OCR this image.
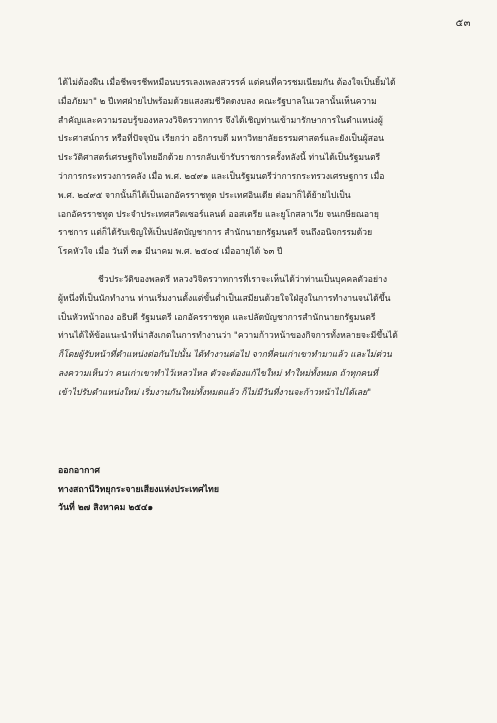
๕๓
ได้ไม่ต้องฝืน เมื่อชีพจรชีพหมือนบรรเลงเพลงสวรรค์ แต่คนที่ควรชมเนียมกัน ต้องใจเป็นยิ้มได้
เมื่อภัยมา" ๒ ปีเทศฝ่ายไปพร้อมด้วยแสงสมชีวิตดงบลง คณะรัฐบาลในเวลานั้นเห็นความ
สำคัญและความรอบรู้ของหลวงวิจิตรวาทการ จึงได้เชิญท่านเข้ามารักษาการในตำแหน่งผู้
ประศาสน์การ หรือที่ปัจจุบัน เรียกว่า อธิการบดี มหาวิทยาลัยธรรมศาสตร์และยังเป็นผู้สอน
ประวัติศาสตร์เศรษฐกิจไทยอีกด้วย การกลับเข้ารับราชการครั้งหลังนี้ ท่านได้เป็นรัฐมนตรี
ว่าการกระทรวงการคลัง เมื่อ พ.ศ. ๒๔๙๑ และเป็นรัฐมนตรีว่าการกระทรวงเศรษฐการ เมื่อ
พ.ศ. ๒๔๙๕ จากนั้นก็ได้เป็นเอกอัครราชทูต ประเทศอินเดีย ต่อมาก็ได้ย้ายไปเป็น
เอกอัครราชทูต ประจำประเทศสวิตเซอร์แลนด์ ออสเตรีย และยูโกสลาเวีย จนเกษียณอายุ
ราชการ แต่ก็ได้รับเชิญให้เป็นปลัดบัญชาการ สำนักนายกรัฐมนตรี จนถึงอนิจกรรมด้วย
โรคหัวใจ เมื่อ วันที่ ๓๑ มีนาคม พ.ศ. ๒๕๐๔ เมื่ออายุได้ ๖๓ ปี
ชีวประวัติของพลตรี หลวงวิจิตรวาทการที่เราจะเห็นได้ว่าท่านเป็นบุคคลตัวอย่าง
ผู้หนึ่งที่เป็นนักทำงาน ท่านเริ่มงานตั้งแต่ขั้นต่ำเป็นเสมียนด้วยใจใฝ่สูงในการทำงานจนได้ขึ้น
เป็นหัวหน้ากอง อธิบดี รัฐมนตรี เอกอัครราชทูต และปลัดบัญชาการสำนักนายกรัฐมนตรี
ท่านได้ให้ข้อแนะนำที่น่าสังเกตในการทำงานว่า "ความก้าวหน้าของกิจการทั้งหลายจะมีขึ้นได้
ก็โดยผู้รับหน้าที่ตำแหน่งต่อกันไปนั้น ได้ทำงานต่อไป จากที่คนเก่าเขาทำมาแล้ว และไม่ต่วน
ลงความเห็นว่า คนเก่าเขาทำไว้เหลวไหล ตัวจะต้องแก้ไขใหม่ ทำใหม่ทั้งหมด ถ้าทุกคนที่
เข้าไปรับตำแหน่งใหม่ เริ่มงานกันใหม่ทั้งหมดแล้ว ก็ไม่มีวันที่งานจะก้าวหน้าไปได้เลย"
ออกอากาศ
ทางสถานีวิทยุกระจายเสียงแห่งประเทศไทย
วันที่ ๒๗ สิงหาคม ๒๕๔๑
